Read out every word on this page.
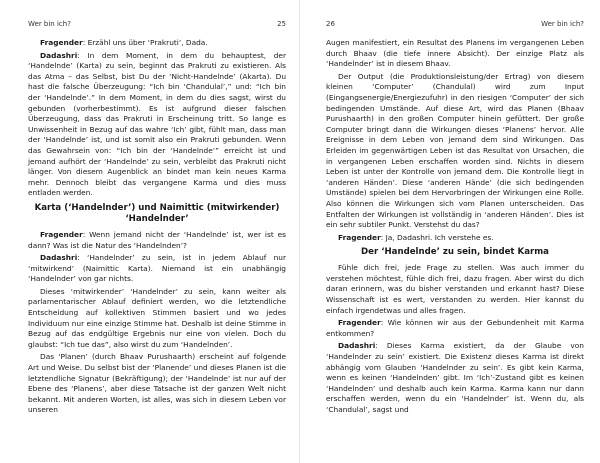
Wer bin ich?	25

Fragender: Erzähl uns über ‘Prakruti’, Dada.

Dadashri: In dem Moment, in dem du behauptest, der ‘Handelnde’ (Karta) zu sein, beginnt das Prakruti zu existieren. Als das Atma – das Selbst, bist Du der ‘Nicht-Handelnde’ (Akarta). Du hast die falsche Überzeugung: “Ich bin ‘Chandulal’,” und: “Ich bin der ‘Handelnde’.” In dem Moment, in dem du dies sagst, wirst du gebunden (vorherbestimmt). Es ist aufgrund dieser falschen Überzeugung, dass das Prakruti in Erscheinung tritt. So lange es Unwissenheit in Bezug auf das wahre ‘Ich’ gibt, fühlt man, dass man der ‘Handelnde’ ist, und ist somit also ein Prakruti gebunden. Wenn das Gewahrsein von: “Ich bin der ‘Handelnde’” erreicht ist und jemand aufhört der ‘Handelnde’ zu sein, verbleibt das Prakruti nicht länger. Von diesem Augenblick an bindet man kein neues Karma mehr. Dennoch bleibt das vergangene Karma und dies muss entladen werden.

Karta (‘Handelnder’) und Naimittic (mitwirkender) ‘Handelnder’

Fragender: Wenn jemand nicht der ‘Handelnde’ ist, wer ist es dann? Was ist die Natur des ‘Handelnden’?

Dadashri: ‘Handelnder’ zu sein, ist in jedem Ablauf nur ‘mitwirkend’ (Naimittic Karta). Niemand ist ein unabhängig ‘Handelnder’ von gar nichts.

Dieses ‘mitwirkender’ ‘Handelnder’ zu sein, kann weiter als parlamentarischer Ablauf definiert werden, wo die letztendliche Entscheidung auf kollektiven Stimmen basiert und wo jedes Individuum nur eine einzige Stimme hat. Deshalb ist deine Stimme in Bezug auf das endgültige Ergebnis nur eine von vielen. Doch du glaubst: “Ich tue das”, also wirst du zum ‘Handelnden’.

Das ‘Planen’ (durch Bhaav Purushaarth) erscheint auf folgende Art und Weise. Du selbst bist der ‘Planende’ und dieses Planen ist die letztendliche Signatur (Bekräftigung); der ‘Handelnde’ ist nur auf der Ebene des ‘Planens’, aber diese Tatsache ist der ganzen Welt nicht bekannt. Mit anderen Worten, ist alles, was sich in diesem Leben vor unseren

26	Wer bin ich?

Augen manifestiert, ein Resultat des Planens im vergangenen Leben durch Bhaav (die tiefe innere Absicht). Der einzige Platz als ‘Handelnder’ ist in diesem Bhaav.

Der Output (die Produktionsleistung/der Ertrag) von diesem kleinen ‘Computer’ (Chandulal) wird zum Input (Eingangsenergie/Energiezufuhr) in den riesigen ‘Computer’ der sich bedingenden Umstände. Auf diese Art, wird das Planen (Bhaav Purushaarth) in den großen Computer hinein gefüttert. Der große Computer bringt dann die Wirkungen dieses ‘Planens’ hervor. Alle Ereignisse in dem Leben von jemand dem sind Wirkungen. Das Erleiden im gegenwärtigen Leben ist das Resultat von Ursachen, die in vergangenen Leben erschaffen worden sind. Nichts in diesem Leben ist unter der Kontrolle von jemand dem. Die Kontrolle liegt in ‘anderen Händen’. Diese ‘anderen Hände’ (die sich bedingenden Umstände) spielen bei dem Hervorbringen der Wirkungen eine Rolle. Also können die Wirkungen sich vom Planen unterscheiden. Das Entfalten der Wirkungen ist vollständig in ‘anderen Händen’. Dies ist ein sehr subtiler Punkt. Verstehst du das?

Fragender: Ja, Dadashri. Ich verstehe es.

Der ‘Handelnde’ zu sein, bindet Karma

Fühle dich frei, jede Frage zu stellen. Was auch immer du verstehen möchtest, fühle dich frei, dazu fragen. Aber wirst du dich daran erinnern, was du bisher verstanden und erkannt hast? Diese Wissenschaft ist es wert, verstanden zu werden. Hier kannst du einfach irgendetwas und alles fragen.

Fragender: Wie können wir aus der Gebundenheit mit Karma entkommen?

Dadashri: Dieses Karma existiert, da der Glaube von ‘Handelnder zu sein’ existiert. Die Existenz dieses Karma ist direkt abhängig vom Glauben ‘Handelnder zu sein’. Es gibt kein Karma, wenn es keinen ‘Handelnden’ gibt. Im ‘Ich’-Zustand gibt es keinen ‘Handelnden’ und deshalb auch kein Karma. Karma kann nur dann erschaffen werden, wenn du ein ‘Handelnder’ ist. Wenn du, als ‘Chandulal’, sagst und
